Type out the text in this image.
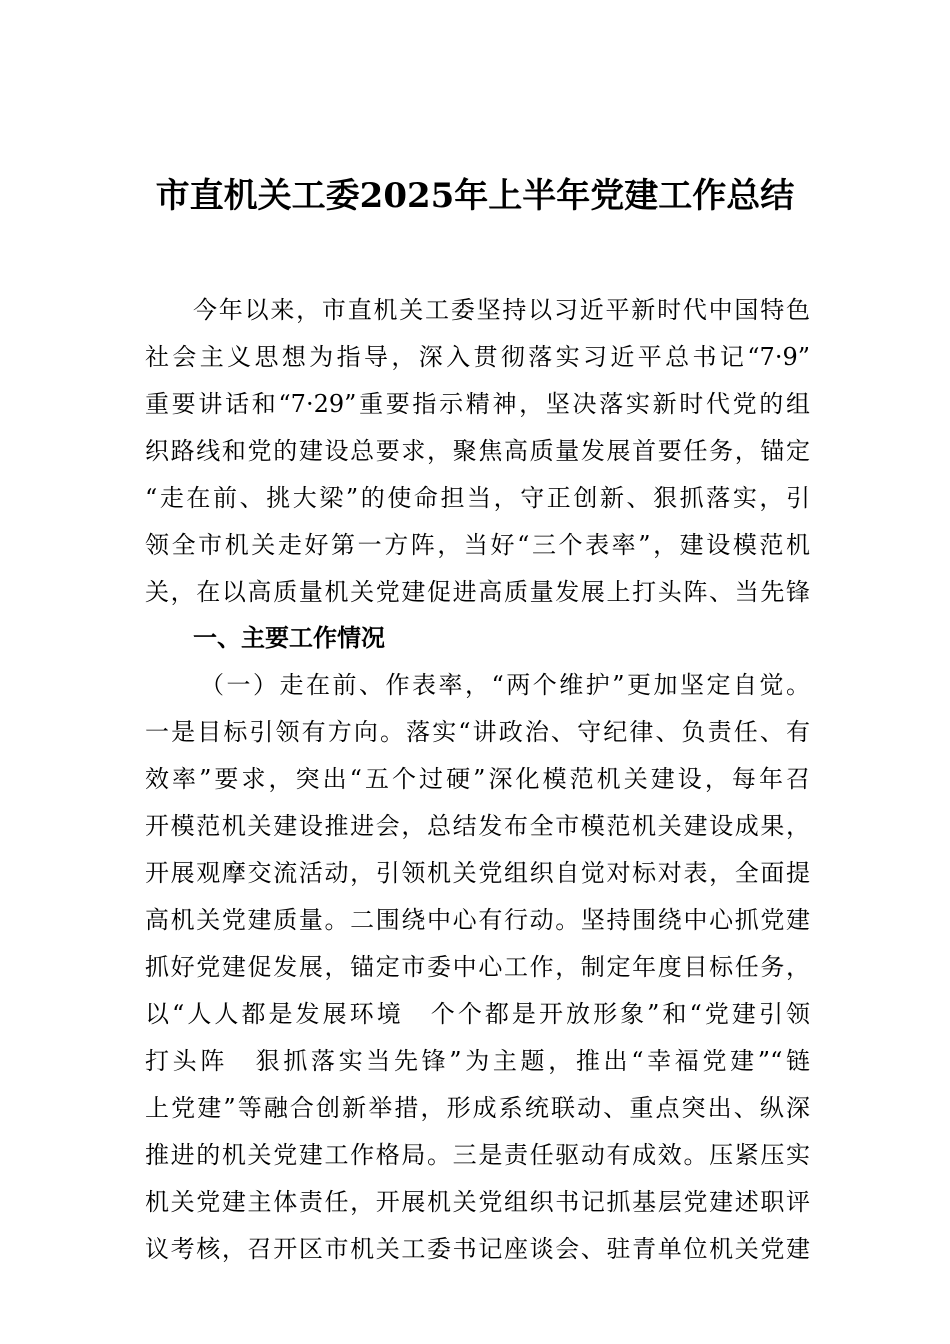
市直机关工委2025年上半年党建工作总结
今年以来，市直机关工委坚持以习近平新时代中国特色
社会主义思想为指导，深入贯彻落实习近平总书记“7·9”
重要讲话和“7·29”重要指示精神，坚决落实新时代党的组
织路线和党的建设总要求，聚焦高质量发展首要任务，锚定
“走在前、挑大梁”的使命担当，守正创新、狠抓落实，引
领全市机关走好第一方阵，当好“三个表率”，建设模范机
关，在以高质量机关党建促进高质量发展上打头阵、当先锋
一、主要工作情况
（一）走在前、作表率，“两个维护”更加坚定自觉。
一是目标引领有方向。落实“讲政治、守纪律、负责任、有
效率”要求，突出“五个过硬”深化模范机关建设，每年召
开模范机关建设推进会，总结发布全市模范机关建设成果，
开展观摩交流活动，引领机关党组织自觉对标对表，全面提
高机关党建质量。二围绕中心有行动。坚持围绕中心抓党建
抓好党建促发展，锚定市委中心工作，制定年度目标任务，
以“人人都是发展环境　个个都是开放形象”和“党建引领
打头阵　狠抓落实当先锋”为主题，推出“幸福党建”“链
上党建”等融合创新举措，形成系统联动、重点突出、纵深
推进的机关党建工作格局。三是责任驱动有成效。压紧压实
机关党建主体责任，开展机关党组织书记抓基层党建述职评
议考核，召开区市机关工委书记座谈会、驻青单位机关党建
